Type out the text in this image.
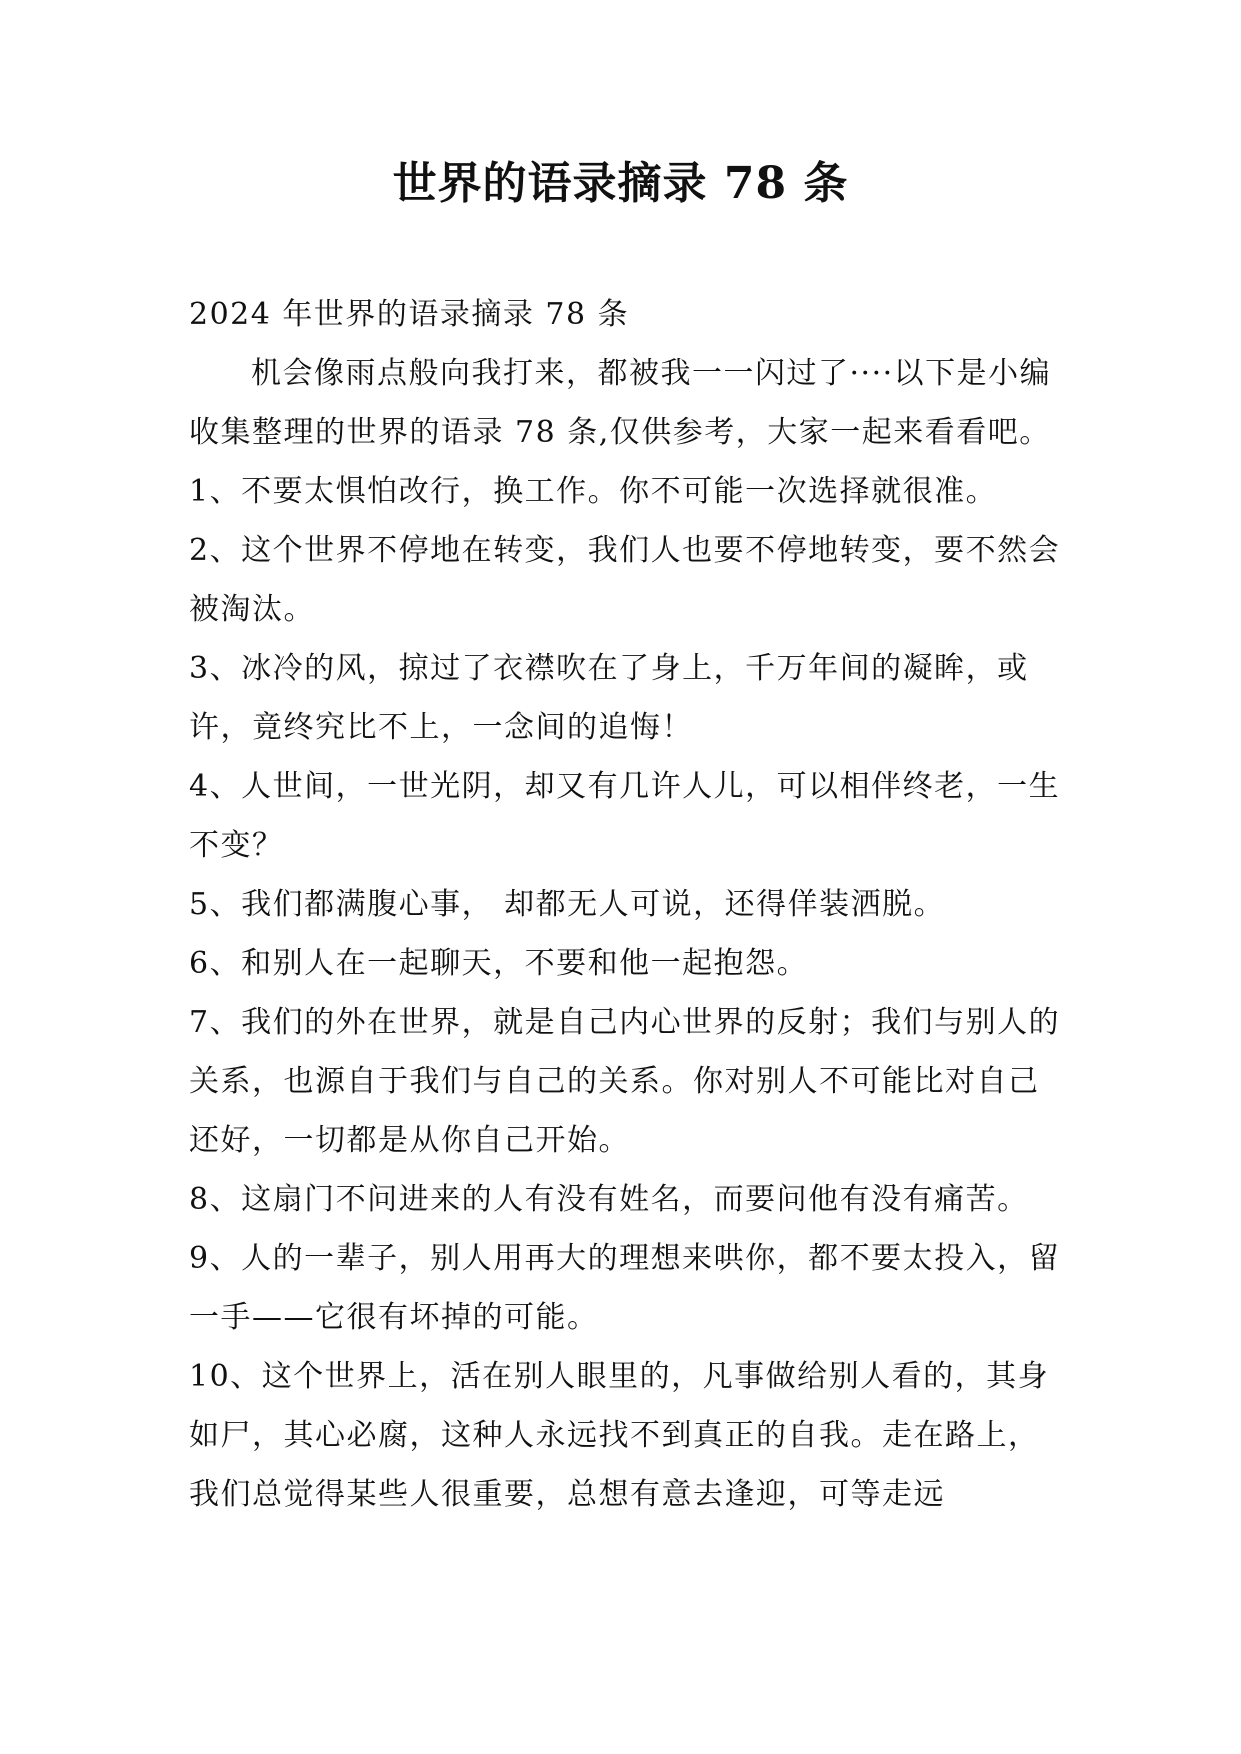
世界的语录摘录 78 条

2024 年世界的语录摘录 78 条

机会像雨点般向我打来，都被我一一闪过了····以下是小编收集整理的世界的语录 78 条,仅供参考，大家一起来看看吧。

1、不要太惧怕改行，换工作。你不可能一次选择就很准。

2、这个世界不停地在转变，我们人也要不停地转变，要不然会被淘汰。

3、冰冷的风，掠过了衣襟吹在了身上，千万年间的凝眸，或许，竟终究比不上，一念间的追悔！

4、人世间，一世光阴，却又有几许人儿，可以相伴终老，一生不变？

5、我们都满腹心事， 却都无人可说，还得佯装洒脱。

6、和别人在一起聊天，不要和他一起抱怨。

7、我们的外在世界，就是自己内心世界的反射；我们与别人的关系，也源自于我们与自己的关系。你对别人不可能比对自己还好，一切都是从你自己开始。

8、这扇门不问进来的人有没有姓名，而要问他有没有痛苦。

9、人的一辈子，别人用再大的理想来哄你，都不要太投入，留一手——它很有坏掉的可能。

10、这个世界上，活在别人眼里的，凡事做给别人看的，其身如尸，其心必腐，这种人永远找不到真正的自我。走在路上，我们总觉得某些人很重要，总想有意去逢迎，可等走远
